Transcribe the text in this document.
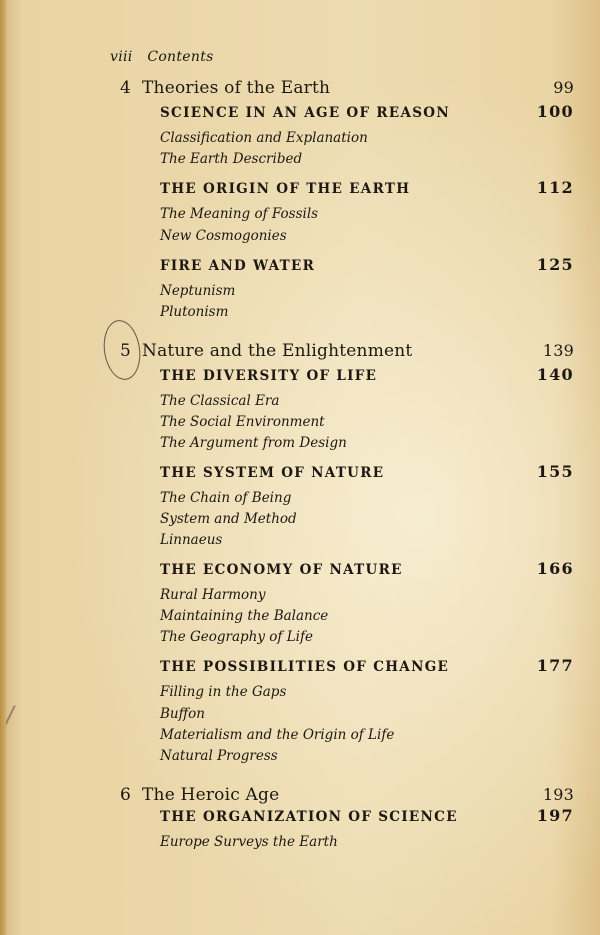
viii Contents
4 Theories of the Earth	99
SCIENCE IN AN AGE OF REASON	100
Classification and Explanation
The Earth Described
THE ORIGIN OF THE EARTH	112
The Meaning of Fossils
New Cosmogonies
FIRE AND WATER	125
Neptunism
Plutonism
5 Nature and the Enlightenment	139
THE DIVERSITY OF LIFE	140
The Classical Era
The Social Environment
The Argument from Design
THE SYSTEM OF NATURE	155
The Chain of Being
System and Method
Linnaeus
THE ECONOMY OF NATURE	166
Rural Harmony
Maintaining the Balance
The Geography of Life
THE POSSIBILITIES OF CHANGE	177
Filling in the Gaps
Buffon
Materialism and the Origin of Life
Natural Progress
6 The Heroic Age	193
THE ORGANIZATION OF SCIENCE	197
Europe Surveys the Earth
